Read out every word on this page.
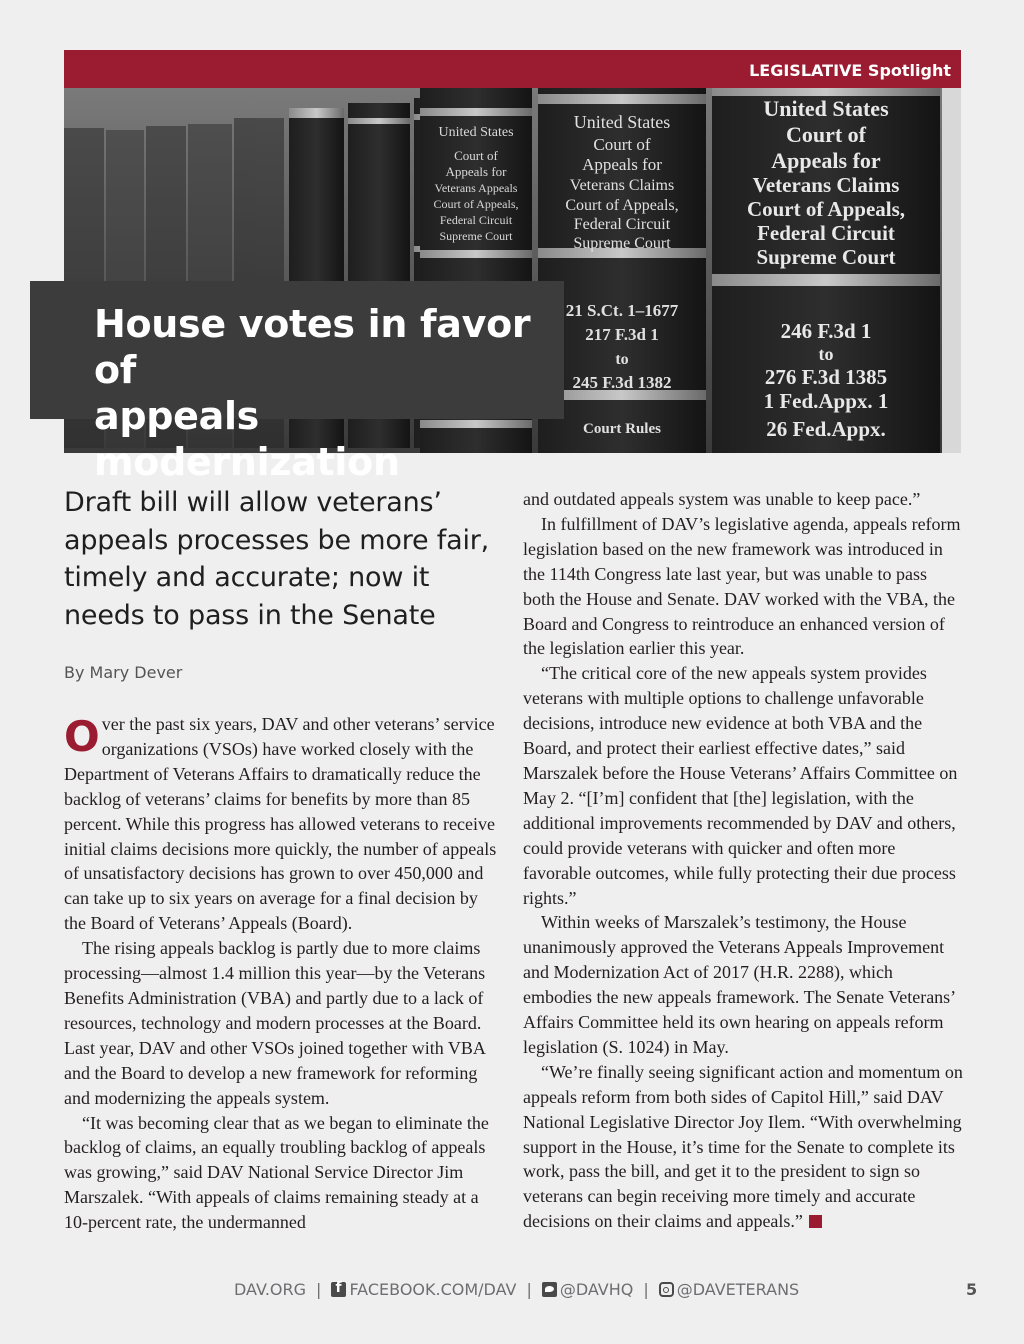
LEGISLATIVE Spotlight
United States
Court of
Appeals for
Veterans Appeals
Court of Appeals,
Federal Circuit
Supreme Court
United States
Court of
Appeals for
Veterans Claims
Court of Appeals,
Federal Circuit
Supreme Court
21 S.Ct. 1–1677
217 F.3d 1
to
245 F.3d 1382
Court Rules
United States
Court of
Appeals for
Veterans Claims
Court of Appeals,
Federal Circuit
Supreme Court
246 F.3d 1
to
276 F.3d 1385
1 Fed.Appx. 1
26 Fed.Appx.
House votes in favor of
appeals modernization
Draft bill will allow veterans’ appeals processes be more fair, timely and accurate; now it needs to pass in the Senate
By Mary Dever

Over the past six years, DAV and other veterans’ service organizations (VSOs) have worked closely with the Department of Veterans Affairs to dramatically reduce the backlog of veterans’ claims for benefits by more than 85 percent. While this progress has allowed veterans to receive initial claims decisions more quickly, the number of appeals of unsatisfactory decisions has grown to over 450,000 and can take up to six years on average for a final decision by the Board of Veterans’ Appeals (Board).

The rising appeals backlog is partly due to more claims processing—almost 1.4 million this year—by the Veterans Benefits Administration (VBA) and partly due to a lack of resources, technology and modern processes at the Board. Last year, DAV and other VSOs joined together with VBA and the Board to develop a new framework for reforming and modernizing the appeals system.

“It was becoming clear that as we began to eliminate the backlog of claims, an equally troubling backlog of appeals was growing,” said DAV National Service Director Jim Marszalek. “With appeals of claims remaining steady at a 10-percent rate, the undermanned

and outdated appeals system was unable to keep pace.”

In fulfillment of DAV’s legislative agenda, appeals reform legislation based on the new framework was introduced in the 114th Congress late last year, but was unable to pass both the House and Senate. DAV worked with the VBA, the Board and Congress to reintroduce an enhanced version of the legislation earlier this year.

“The critical core of the new appeals system provides veterans with multiple options to challenge unfavorable decisions, introduce new evidence at both VBA and the Board, and protect their earliest effective dates,” said Marszalek before the House Veterans’ Affairs Committee on May 2. “[I’m] confident that [the] legislation, with the additional improvements recommended by DAV and others, could provide veterans with quicker and often more favorable outcomes, while fully protecting their due process rights.”

Within weeks of Marszalek’s testimony, the House unanimously approved the Veterans Appeals Improvement and Modernization Act of 2017 (H.R. 2288), which embodies the new appeals framework. The Senate Veterans’ Affairs Committee held its own hearing on appeals reform legislation (S. 1024) in May.

“We’re finally seeing significant action and momentum on appeals reform from both sides of Capitol Hill,” said DAV National Legislative Director Joy Ilem. “With overwhelming support in the House, it’s time for the Senate to complete its work, pass the bill, and get it to the president to sign so veterans can begin receiving more timely and accurate decisions on their claims and appeals.”

DAV.ORG |
f	FACEBOOK.COM/DAV |	@DAVHQ |	@DAVETERANS	5
